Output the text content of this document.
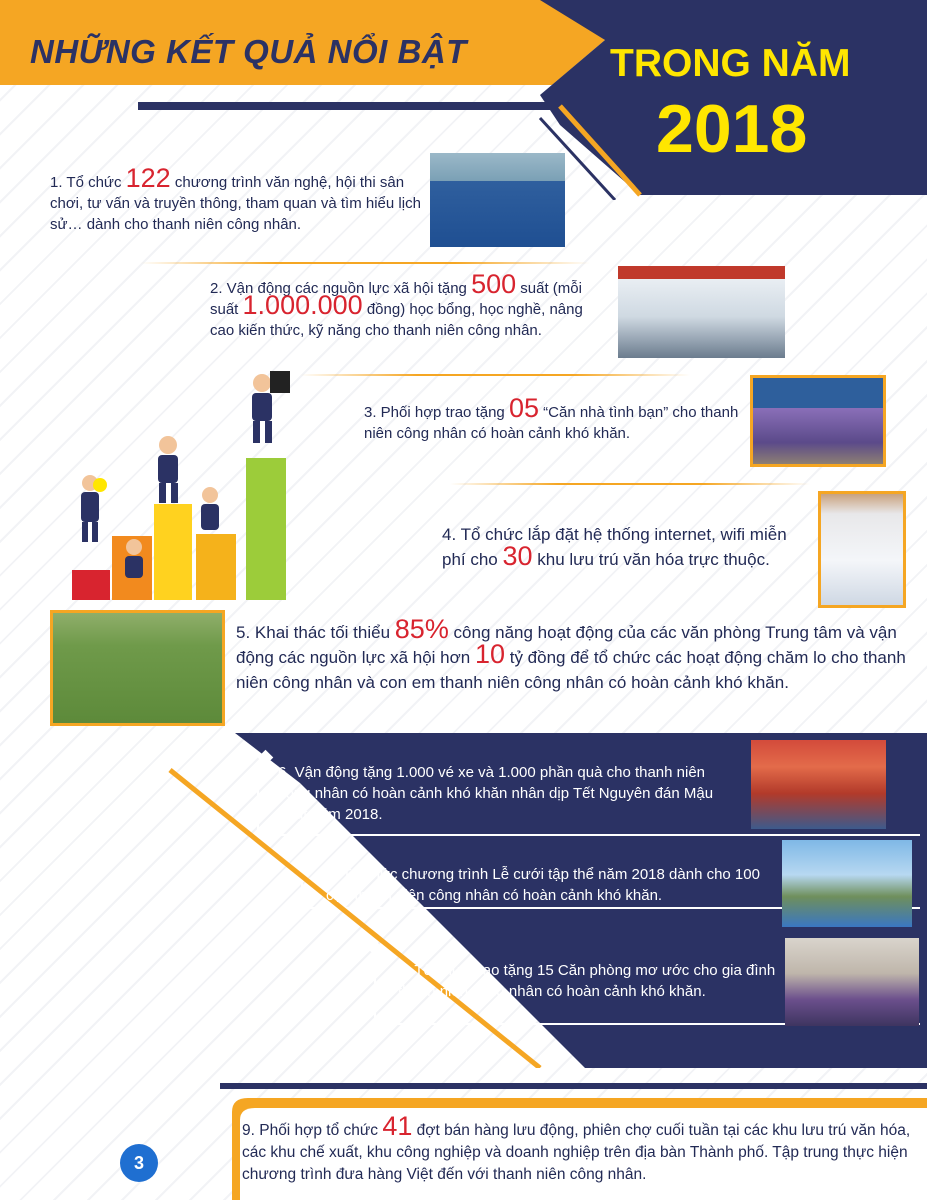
NHỮNG KẾT QUẢ NỔI BẬT	TRONG NĂM
2018
1. Tổ chức 122 chương trình văn nghệ, hội thi sân chơi, tư vấn và truyền thông, tham quan và tìm hiểu lịch sử… dành cho thanh niên công nhân.
2. Vận động các nguồn lực xã hội tặng 500 suất (mỗi suất 1.000.000 đồng) học bổng, học nghề, nâng cao kiến thức, kỹ năng cho thanh niên công nhân.
3. Phối hợp trao tặng 05 “Căn nhà tình bạn” cho thanh niên công nhân có hoàn cảnh khó khăn.
4. Tổ chức lắp đặt hệ thống internet, wifi miễn phí cho 30 khu lưu trú văn hóa trực thuộc.
5. Khai thác tối thiểu 85% công năng hoạt động của các văn phòng Trung tâm và vận động các nguồn lực xã hội hơn 10 tỷ đồng để tổ chức các hoạt động chăm lo cho thanh niên công nhân và con em thanh niên công nhân có hoàn cảnh khó khăn.
6. Vận động tặng 1.000 vé xe và 1.000 phần quà cho thanh niên công nhân có hoàn cảnh khó khăn nhân dịp Tết Nguyên đán Mậu Tuất năm 2018.
7. Tổ chức chương trình Lễ cưới tập thể năm 2018 dành cho 100 cặp thanh niên công nhân có hoàn cảnh khó khăn.
8. Tổ chức trao tặng 15 Căn phòng mơ ước cho gia đình thanh niên công nhân có hoàn cảnh khó khăn.
9. Phối hợp tổ chức 41 đợt bán hàng lưu động, phiên chợ cuối tuần tại các khu lưu trú văn hóa, các khu chế xuất, khu công nghiệp và doanh nghiệp trên địa bàn Thành phố. Tập trung thực hiện chương trình đưa hàng Việt đến với thanh niên công nhân.
3
